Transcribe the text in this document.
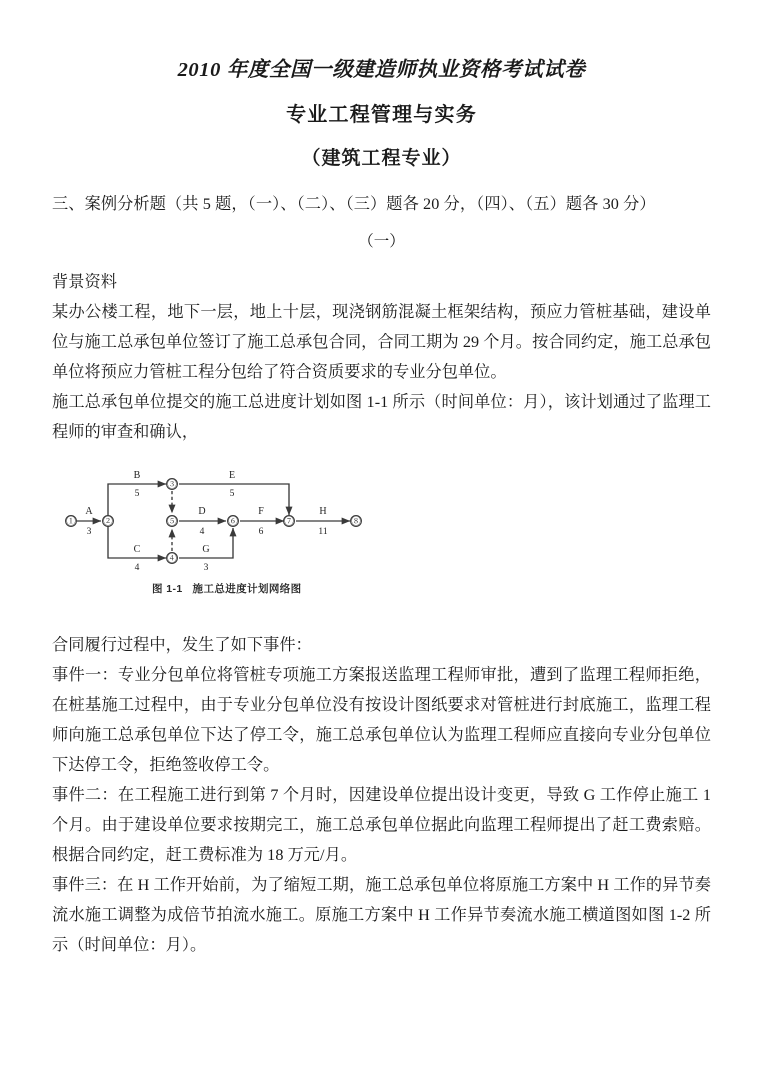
2010 年度全国一级建造师执业资格考试试卷
专业工程管理与实务
（建筑工程专业）

三、案例分析题（共 5 题，（一）、（二）、（三）题各 20 分，（四）、（五）题各 30 分）

（一）

背景资料

某办公楼工程，地下一层，地上十层，现浇钢筋混凝土框架结构，预应力管桩基础，建设单位与施工总承包单位签订了施工总承包合同，合同工期为 29 个月。按合同约定，施工总承包单位将预应力管桩工程分包给了符合资质要求的专业分包单位。

施工总承包单位提交的施工总进度计划如图 1-1 所示（时间单位：月），该计划通过了监理工程师的审查和确认，

①	②
③
④
⑤	⑥	⑦	⑧
A
B
C
D
E
F
G
H
3
5
4
4
5
6
3
11
图 1-1 施工总进度计划网络图

合同履行过程中，发生了如下事件：

事件一：专业分包单位将管桩专项施工方案报送监理工程师审批，遭到了监理工程师拒绝，在桩基施工过程中，由于专业分包单位没有按设计图纸要求对管桩进行封底施工，监理工程师向施工总承包单位下达了停工令，施工总承包单位认为监理工程师应直接向专业分包单位下达停工令，拒绝签收停工令。

事件二：在工程施工进行到第 7 个月时，因建设单位提出设计变更，导致 G 工作停止施工 1 个月。由于建设单位要求按期完工，施工总承包单位据此向监理工程师提出了赶工费索赔。根据合同约定，赶工费标准为 18 万元/月。

事件三：在 H 工作开始前，为了缩短工期，施工总承包单位将原施工方案中 H 工作的异节奏流水施工调整为成倍节拍流水施工。原施工方案中 H 工作异节奏流水施工横道图如图 1-2 所示（时间单位：月）。
